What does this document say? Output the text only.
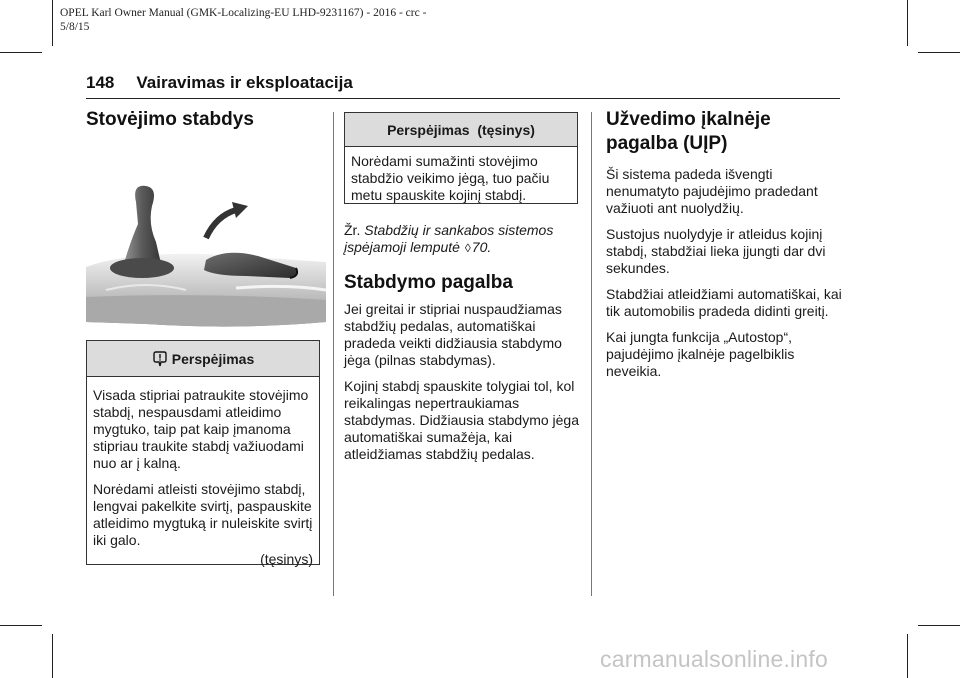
OPEL Karl Owner Manual (GMK-Localizing-EU LHD-9231167) - 2016 - crc -
5/8/15
148 Vairavimas ir eksploatacija
Stovėjimo stabdys
Perspėjimas

Visada stipriai patraukite stovėjimo stabdį, nespausdami atleidimo mygtuko, taip pat kaip įmanoma stipriau traukite stabdį važiuodami nuo ar į kalną.

Norėdami atleisti stovėjimo stabdį, lengvai pakelkite svirtį, paspauskite atleidimo mygtuką ir nuleiskite svirtį iki galo.

(tęsinys)
Perspėjimas  (tęsinys)

Norėdami sumažinti stovėjimo stabdžio veikimo jėgą, tuo pačiu metu spauskite kojinį stabdį.

Žr. Stabdžių ir sankabos sistemos įspėjamoji lemputė ◊70.

Stabdymo pagalba

Jei greitai ir stipriai nuspaudžiamas stabdžių pedalas, automatiškai pradeda veikti didžiausia stabdymo jėga (pilnas stabdymas).

Kojinį stabdį spauskite tolygiai tol, kol reikalingas nepertraukiamas stabdymas. Didžiausia stabdymo jėga automatiškai sumažėja, kai atleidžiamas stabdžių pedalas.

Užvedimo įkalnėje pagalba (UĮP)

Ši sistema padeda išvengti nenumatyto pajudėjimo pradedant važiuoti ant nuolydžių.

Sustojus nuolydyje ir atleidus kojinį stabdį, stabdžiai lieka įjungti dar dvi sekundes.

Stabdžiai atleidžiami automatiškai, kai tik automobilis pradeda didinti greitį.

Kai jungta funkcija „Autostop“, pajudėjimo įkalnėje pagelbiklis neveikia.

carmanualsonline.info
